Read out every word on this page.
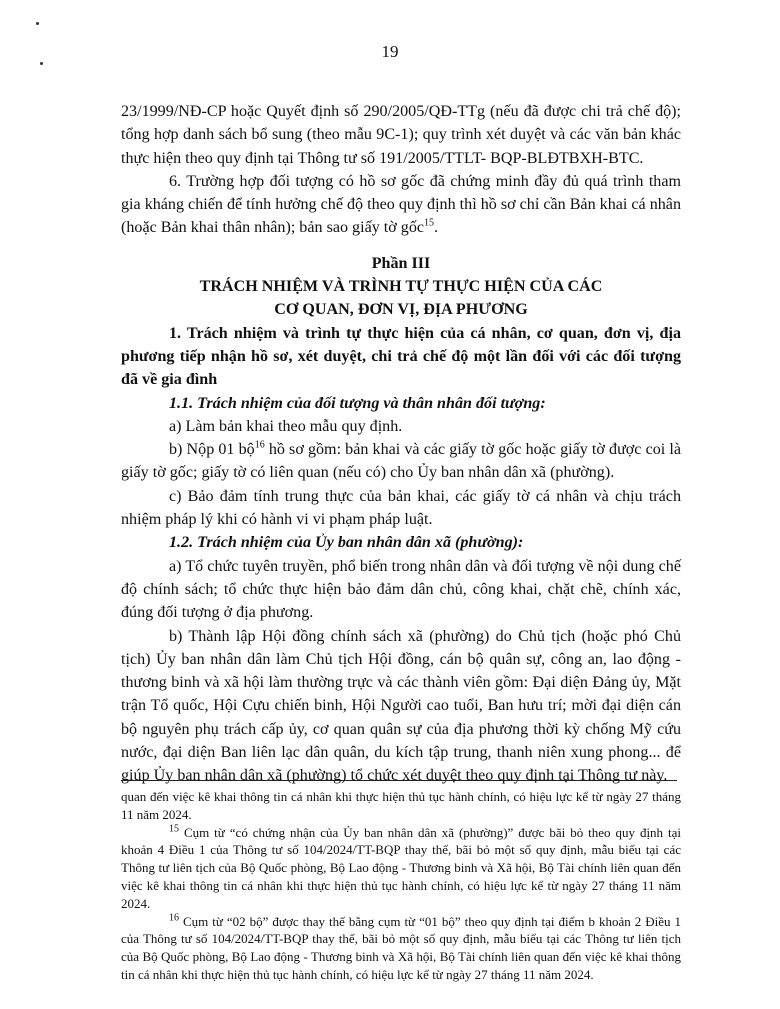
19

23/1999/NĐ-CP hoặc Quyết định số 290/2005/QĐ-TTg (nếu đã được chi trả chế độ); tổng hợp danh sách bổ sung (theo mẫu 9C-1); quy trình xét duyệt và các văn bản khác thực hiện theo quy định tại Thông tư số 191/2005/TTLT- BQP-BLĐTBXH-BTC.

6. Trường hợp đối tượng có hồ sơ gốc đã chứng minh đầy đủ quá trình tham gia kháng chiến để tính hưởng chế độ theo quy định thì hồ sơ chỉ cần Bản khai cá nhân (hoặc Bản khai thân nhân); bản sao giấy tờ gốc$^{15}$.

Phần III

TRÁCH NHIỆM VÀ TRÌNH TỰ THỰC HIỆN CỦA CÁC

CƠ QUAN, ĐƠN VỊ, ĐỊA PHƯƠNG

1. Trách nhiệm và trình tự thực hiện của cá nhân, cơ quan, đơn vị, địa phương tiếp nhận hồ sơ, xét duyệt, chi trả chế độ một lần đối với các đối tượng đã về gia đình

1.1. Trách nhiệm của đối tượng và thân nhân đối tượng:

a) Làm bản khai theo mẫu quy định.

b) Nộp 01 bộ$^{16}$ hồ sơ gồm: bản khai và các giấy tờ gốc hoặc giấy tờ được coi là giấy tờ gốc; giấy tờ có liên quan (nếu có) cho Ủy ban nhân dân xã (phường).

c) Bảo đảm tính trung thực của bản khai, các giấy tờ cá nhân và chịu trách nhiệm pháp lý khi có hành vi vi phạm pháp luật.

1.2. Trách nhiệm của Ủy ban nhân dân xã (phường):

a) Tổ chức tuyên truyền, phổ biến trong nhân dân và đối tượng về nội dung chế độ chính sách; tổ chức thực hiện bảo đảm dân chủ, công khai, chặt chẽ, chính xác, đúng đối tượng ở địa phương.

b) Thành lập Hội đồng chính sách xã (phường) do Chủ tịch (hoặc phó Chủ tịch) Ủy ban nhân dân làm Chủ tịch Hội đồng, cán bộ quân sự, công an, lao động - thương binh và xã hội làm thường trực và các thành viên gồm: Đại diện Đảng ủy, Mặt trận Tổ quốc, Hội Cựu chiến binh, Hội Người cao tuổi, Ban hưu trí; mời đại diện cán bộ nguyên phụ trách cấp ủy, cơ quan quân sự của địa phương thời kỳ chống Mỹ cứu nước, đại diện Ban liên lạc dân quân, du kích tập trung, thanh niên xung phong... để giúp Ủy ban nhân dân xã (phường) tổ chức xét duyệt theo quy định tại Thông tư này.

quan đến việc kê khai thông tin cá nhân khi thực hiện thủ tục hành chính, có hiệu lực kể từ ngày 27 tháng 11 năm 2024.

$^{15}$ Cụm từ “có chứng nhận của Ủy ban nhân dân xã (phường)” được bãi bỏ theo quy định tại khoản 4 Điều 1 của Thông tư số 104/2024/TT-BQP thay thế, bãi bỏ một số quy định, mẫu biểu tại các Thông tư liên tịch của Bộ Quốc phòng, Bộ Lao động - Thương binh và Xã hội, Bộ Tài chính liên quan đến việc kê khai thông tin cá nhân khi thực hiện thủ tục hành chính, có hiệu lực kể từ ngày 27 tháng 11 năm 2024.

$^{16}$ Cụm từ “02 bộ” được thay thế bằng cụm từ “01 bộ” theo quy định tại điểm b khoản 2 Điều 1 của Thông tư số 104/2024/TT-BQP thay thế, bãi bỏ một số quy định, mẫu biểu tại các Thông tư liên tịch của Bộ Quốc phòng, Bộ Lao động - Thương binh và Xã hội, Bộ Tài chính liên quan đến việc kê khai thông tin cá nhân khi thực hiện thủ tục hành chính, có hiệu lực kể từ ngày 27 tháng 11 năm 2024.
